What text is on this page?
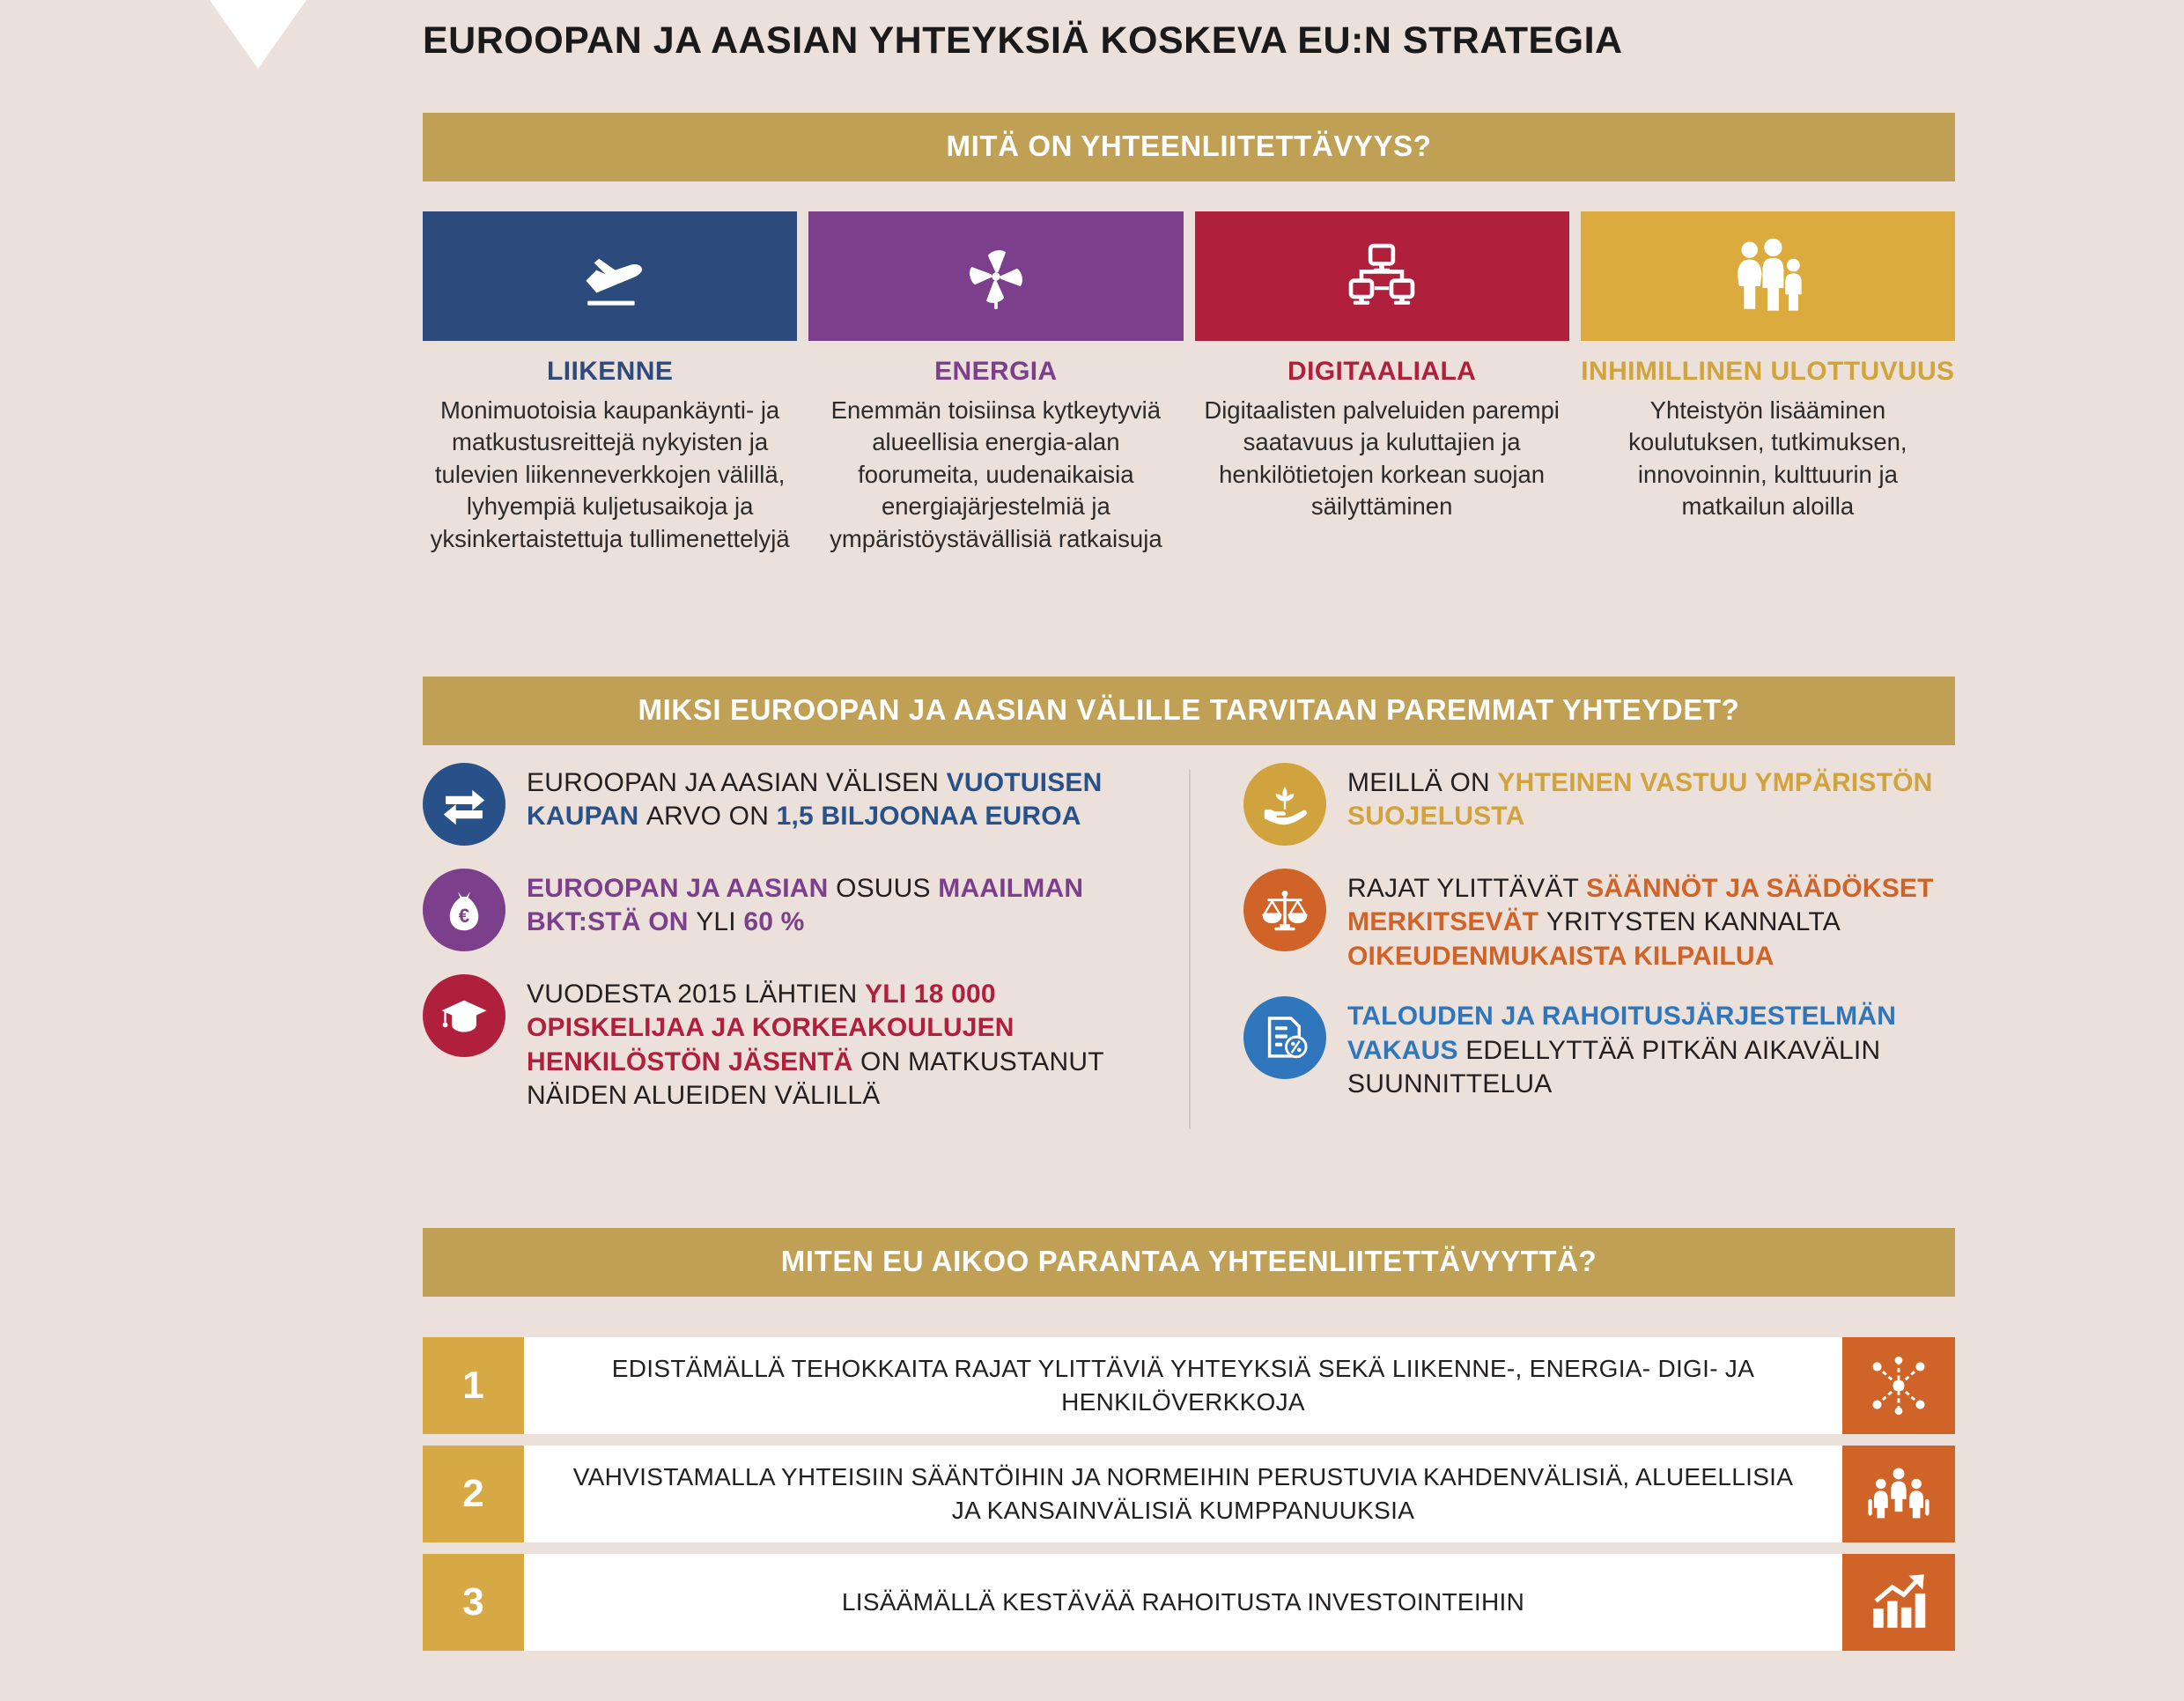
EUROOPAN JA AASIAN YHTEYKSIÄ KOSKEVA EU:N STRATEGIA
MITÄ ON YHTEENLIITETTÄVYYS?
LIIKENNE
Monimuotoisia kaupankäynti- ja matkustusreittejä nykyisten ja tulevien liikenneverkkojen välillä, lyhyempiä kuljetusaikoja ja yksinkertaistettuja tullimenettelyjä
ENERGIA
Enemmän toisiinsa kytkeytyviä alueellisia energia-alan foorumeita, uudenaikaisia energiajärjestelmiä ja ympäristöystävällisiä ratkaisuja
DIGITAALIALA
Digitaalisten palveluiden parempi saatavuus ja kuluttajien ja henkilötietojen korkean suojan säilyttäminen
INHIMILLINEN ULOTTUVUUS
Yhteistyön lisääminen koulutuksen, tutkimuksen, innovoinnin, kulttuurin ja matkailun aloilla
MIKSI EUROOPAN JA AASIAN VÄLILLE TARVITAAN PAREMMAT YHTEYDET?
EUROOPAN JA AASIAN VÄLISEN VUOTUISEN KAUPAN ARVO ON 1,5 BILJOONAA EUROA
€
EUROOPAN JA AASIAN OSUUS MAAILMAN BKT:STÄ ON YLI 60 %
VUODESTA 2015 LÄHTIEN YLI 18 000 OPISKELIJAA JA KORKEAKOULUJEN HENKILÖSTÖN JÄSENTÄ ON MATKUSTANUT NÄIDEN ALUEIDEN VÄLILLÄ
MEILLÄ ON YHTEINEN VASTUU YMPÄRISTÖN SUOJELUSTA
RAJAT YLITTÄVÄT SÄÄNNÖT JA SÄÄDÖKSET MERKITSEVÄT YRITYSTEN KANNALTA OIKEUDENMUKAISTA KILPAILUA
TALOUDEN JA RAHOITUSJÄRJESTELMÄN VAKAUS EDELLYTTÄÄ PITKÄN AIKAVÄLIN SUUNNITTELUA
MITEN EU AIKOO PARANTAA YHTEENLIITETTÄVYYTTÄ?
1	EDISTÄMÄLLÄ TEHOKKAITA RAJAT YLITTÄVIÄ YHTEYKSIÄ SEKÄ LIIKENNE-, ENERGIA- DIGI- JA HENKILÖVERKKOJA
2	VAHVISTAMALLA YHTEISIIN SÄÄNTÖIHIN JA NORMEIHIN PERUSTUVIA KAHDENVÄLISIÄ, ALUEELLISIA JA KANSAINVÄLISIÄ KUMPPANUUKSIA
3	LISÄÄMÄLLÄ KESTÄVÄÄ RAHOITUSTA INVESTOINTEIHIN
